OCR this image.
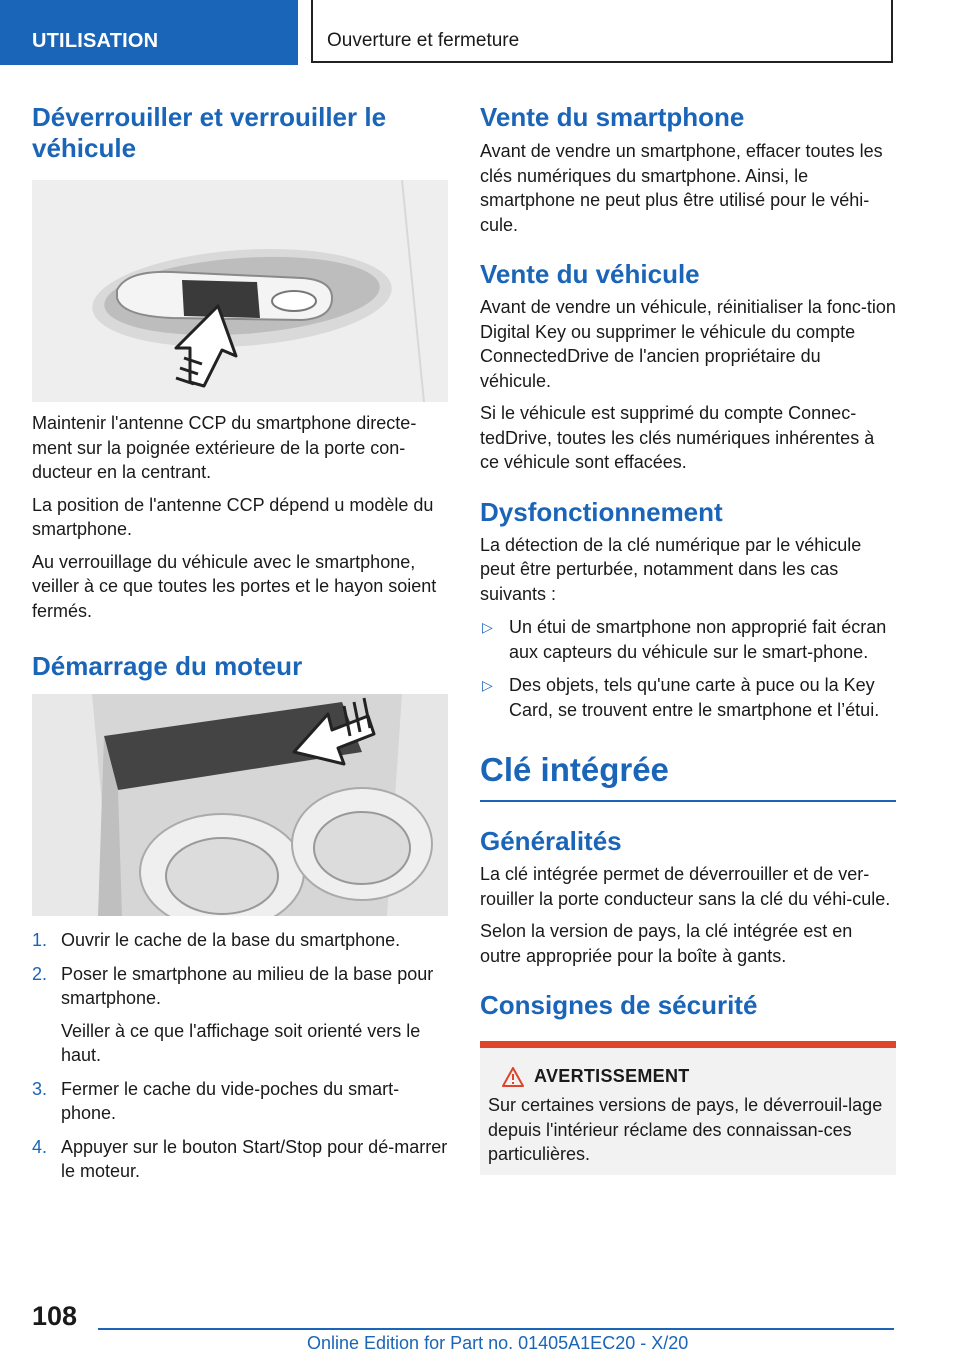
UTILISATION	Ouverture et fermeture
Déverrouiller et verrouiller le véhicule

Maintenir l'antenne CCP du smartphone directe-ment sur la poignée extérieure de la porte con-ducteur en la centrant.

La position de l'antenne CCP dépend u modèle du smartphone.

Au verrouillage du véhicule avec le smartphone, veiller à ce que toutes les portes et le hayon soient fermés.

Démarrage du moteur
1. Ouvrir le cache de la base du smartphone.
2. Poser le smartphone au milieu de la base pour smartphone.
Veiller à ce que l'affichage soit orienté vers le haut.
3. Fermer le cache du vide-poches du smart-phone.
4. Appuyer sur le bouton Start/Stop pour dé-marrer le moteur.
Vente du smartphone

Avant de vendre un smartphone, effacer toutes les clés numériques du smartphone. Ainsi, le smartphone ne peut plus être utilisé pour le véhi-cule.

Vente du véhicule

Avant de vendre un véhicule, réinitialiser la fonc-tion Digital Key ou supprimer le véhicule du compte ConnectedDrive de l'ancien propriétaire du véhicule.

Si le véhicule est supprimé du compte Connec-tedDrive, toutes les clés numériques inhérentes à ce véhicule sont effacées.

Dysfonctionnement

La détection de la clé numérique par le véhicule peut être perturbée, notamment dans les cas suivants :

▷ Un étui de smartphone non approprié fait écran aux capteurs du véhicule sur le smart-phone.
▷ Des objets, tels qu'une carte à puce ou la Key Card, se trouvent entre le smartphone et l’étui.
Clé intégrée
Généralités

La clé intégrée permet de déverrouiller et de ver-rouiller la porte conducteur sans la clé du véhi-cule.

Selon la version de pays, la clé intégrée est en outre appropriée pour la boîte à gants.

Consignes de sécurité
AVERTISSEMENT

Sur certaines versions de pays, le déverrouil-lage depuis l'intérieur réclame des connaissan-ces particulières.

108
Online Edition for Part no. 01405A1EC20 - X/20
